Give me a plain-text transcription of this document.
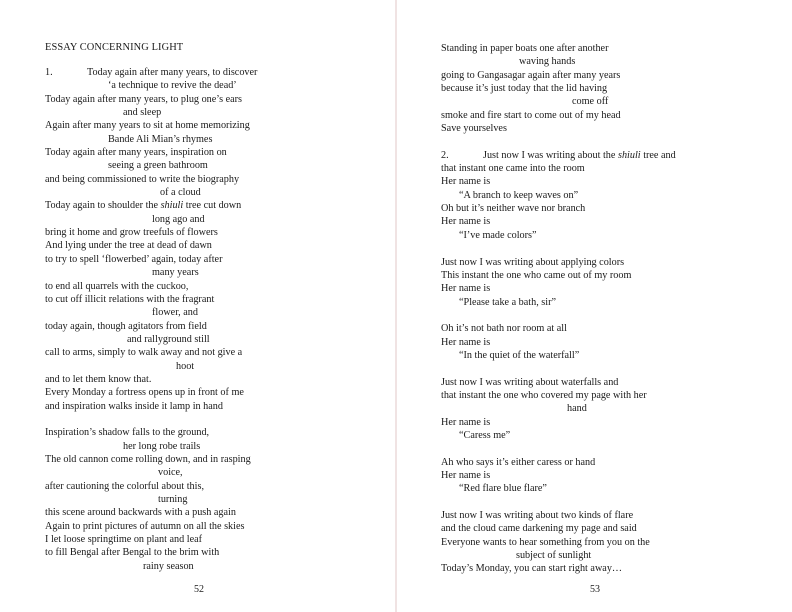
ESSAY CONCERNING LIGHT
1.	Today again after many years, to discover
‘a technique to revive the dead’
Today again after many years, to plug one’s ears
and sleep
Again after many years to sit at home memorizing
Bande Ali Mian’s rhymes
Today again after many years, inspiration on
seeing a green bathroom
and being commissioned to write the biography
of a cloud
Today again to shoulder the shiuli tree cut down
long ago and
bring it home and grow treefuls of flowers
And lying under the tree at dead of dawn
to try to spell ‘flowerbed’ again, today after
many years
to end all quarrels with the cuckoo,
to cut off illicit relations with the fragrant
flower, and
today again, though agitators from field
and rallyground still
call to arms, simply to walk away and not give a
hoot
and to let them know that.
Every Monday a fortress opens up in front of me
and inspiration walks inside it lamp in hand
Inspiration’s shadow falls to the ground,
her long robe trails
The old cannon come rolling down, and in rasping
voice,
after cautioning the colorful about this,
turning
this scene around backwards with a push again
Again to print pictures of autumn on all the skies
I let loose springtime on plant and leaf
to fill Bengal after Bengal to the brim with
rainy season
52
Standing in paper boats one after another
waving hands
going to Gangasagar again after many years
because it’s just today that the lid having
come off
smoke and fire start to come out of my head
Save yourselves
2.	Just now I was writing about the shiuli tree and
that instant one came into the room
Her name is
“A branch to keep waves on”
Oh but it’s neither wave nor branch
Her name is
“I’ve made colors”
Just now I was writing about applying colors
This instant the one who came out of my room
Her name is
“Please take a bath, sir”
Oh it’s not bath nor room at all
Her name is
“In the quiet of the waterfall”
Just now I was writing about waterfalls and
that instant the one who covered my page with her
hand
Her name is
“Caress me”
Ah who says it’s either caress or hand
Her name is
“Red flare blue flare”
Just now I was writing about two kinds of flare
and the cloud came darkening my page and said
Everyone wants to hear something from you on the
subject of sunlight
Today’s Monday, you can start right away…
53
